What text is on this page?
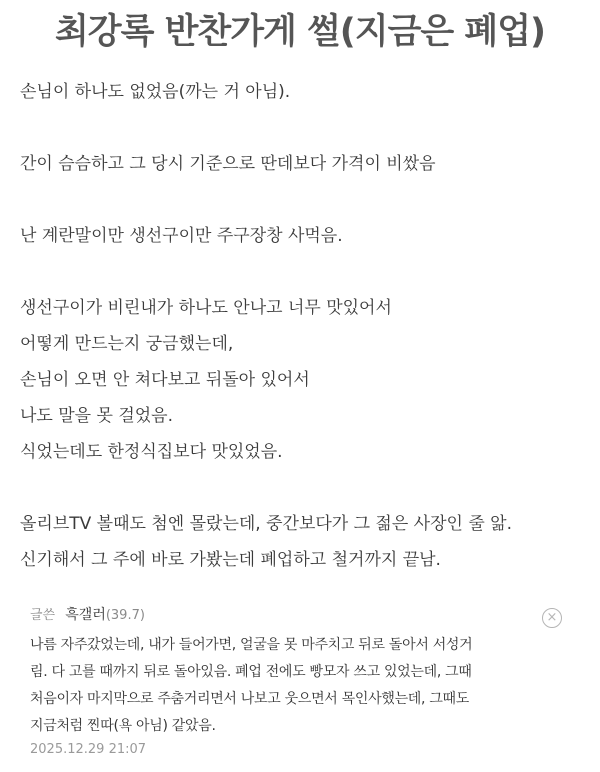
최강록 반찬가게 썰(지금은 폐업)
손님이 하나도 없었음(까는 거 아님).
간이 슴슴하고 그 당시 기준으로 딴데보다 가격이 비쌌음
난 계란말이만 생선구이만 주구장창 사먹음.
생선구이가 비린내가 하나도 안나고 너무 맛있어서
어떻게 만드는지 궁금했는데,
손님이 오면 안 쳐다보고 뒤돌아 있어서
나도 말을 못 걸었음.
식었는데도 한정식집보다 맛있었음.
올리브TV 볼때도 첨엔 몰랐는데, 중간보다가 그 젊은 사장인 줄 앎.
신기해서 그 주에 바로 가봤는데 폐업하고 철거까지 끝남.
글쓴 흑갤러(39.7)	×
나름 자주갔었는데, 내가 들어가면, 얼굴을 못 마주치고 뒤로 돌아서 서성거
림. 다 고를 때까지 뒤로 돌아있음. 폐업 전에도 빵모자 쓰고 있었는데, 그때
처음이자 마지막으로 주춤거리면서 나보고 웃으면서 목인사했는데, 그때도
지금처럼 찐따(욕 아님) 같았음.
2025.12.29 21:07
